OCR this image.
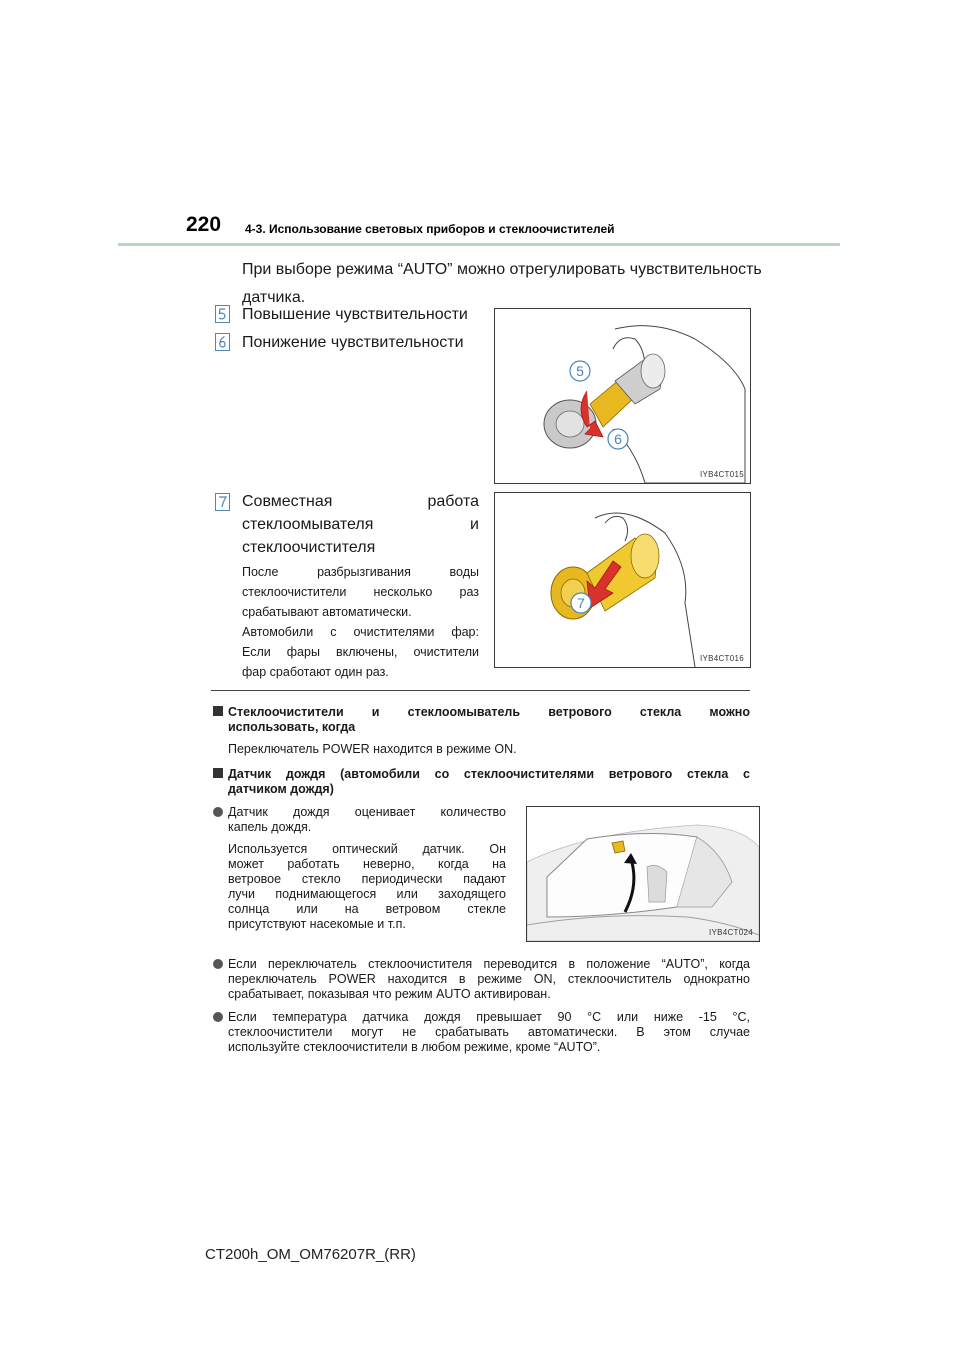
220 4-3. Использование световых приборов и стеклоочистителей
При выборе режима “AUTO” можно отрегулировать чувствительность
датчика.
Повышение чувствительности
Понижение чувствительности
5
6
IYB4CT015
Совместная работа
стеклоомывателя и
стеклоочистителя

После разбрызгивания воды

стеклоочистители несколько раз

срабатывают автоматически.

Автомобили с очистителями фар:

Если фары включены, очистители

фар сработают один раз.

7
IYB4CT016
Стеклоочистители и стеклоомыватель ветрового стекла можно
использовать, когда
Переключатель POWER находится в режиме ON.
Датчик дождя (автомобили со стеклоочистителями ветрового стекла с
датчиком дождя)
Датчик дождя оценивает количество
капель дождя.
Используется оптический датчик. Он
может работать неверно, когда на
ветровое стекло периодически падают
лучи поднимающегося или заходящего
солнца или на ветровом стекле
присутствуют насекомые и т.п.
IYB4CT024
Если переключатель стеклоочистителя переводится в положение “AUTO”, когда
переключатель POWER находится в режиме ON, стеклоочиститель однократно
срабатывает, показывая что режим AUTO активирован.
Если температура датчика дождя превышает 90 °C или ниже -15 °C,
стеклоочистители могут не срабатывать автоматически. В этом случае
используйте стеклоочистители в любом режиме, кроме “AUTO”.
CT200h_OM_OM76207R_(RR)
